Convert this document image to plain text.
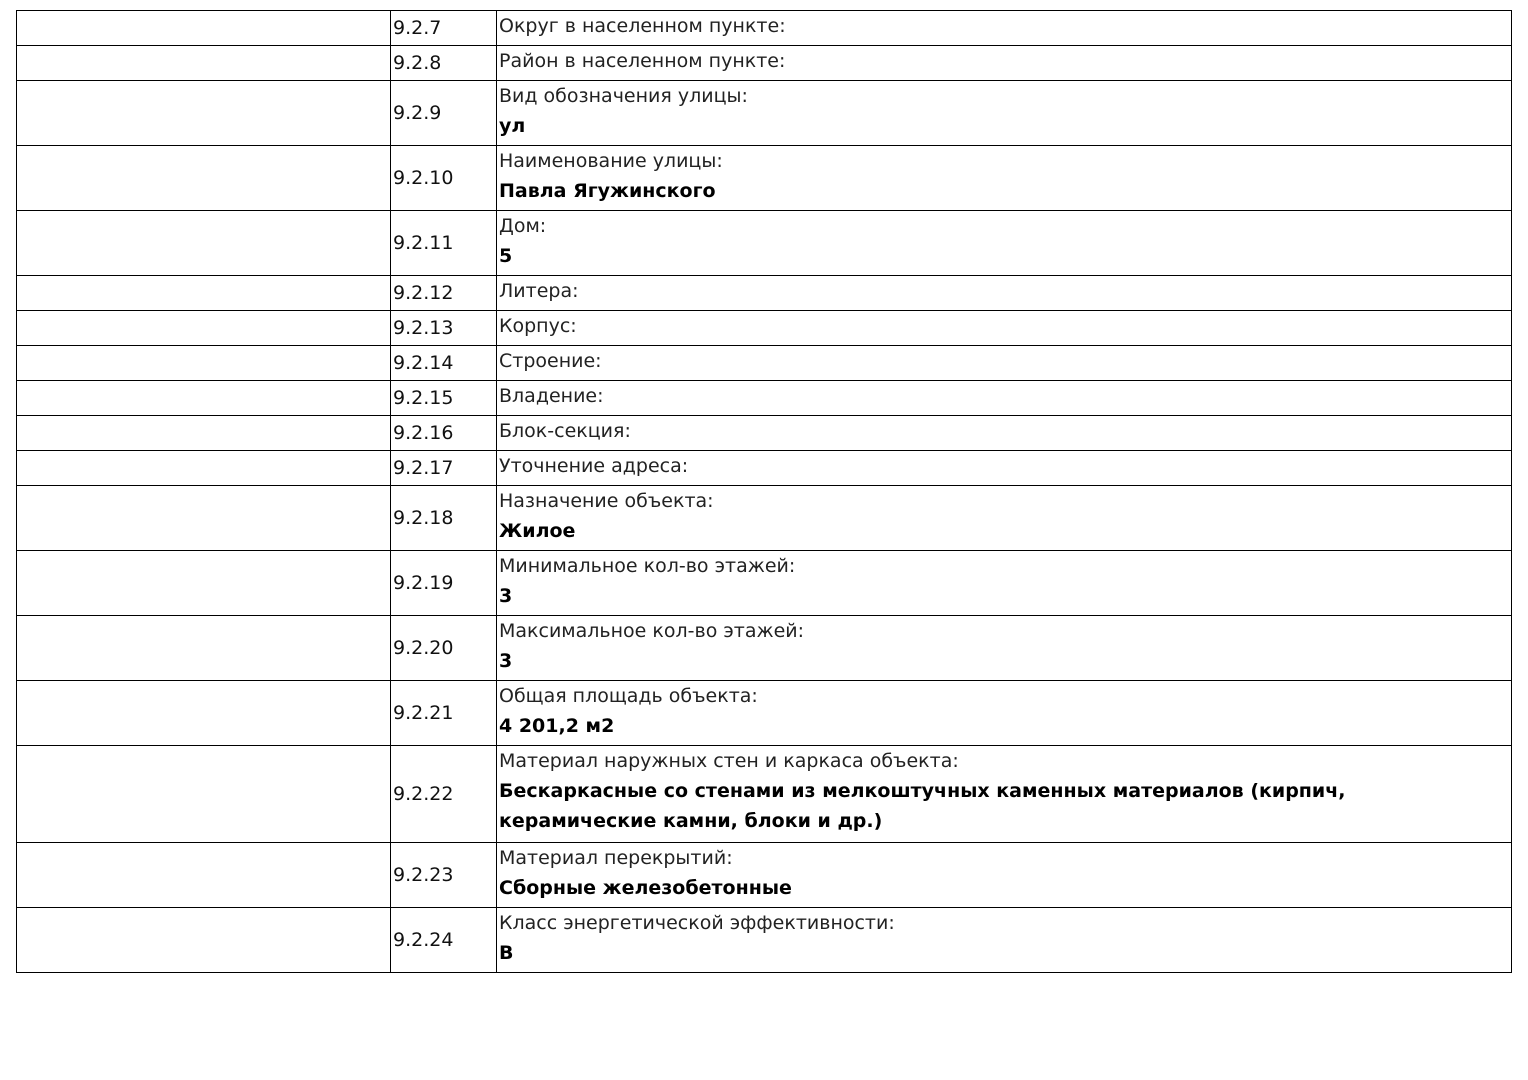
	9.2.7	Округ в населенном пункте:

	9.2.8	Район в населенном пункте:

	9.2.9	Вид обозначения улицы:
ул

	9.2.10	Наименование улицы:
Павла Ягужинского

	9.2.11	Дом:
5

	9.2.12	Литера:

	9.2.13	Корпус:

	9.2.14	Строение:

	9.2.15	Владение:

	9.2.16	Блок-секция:

	9.2.17	Уточнение адреса:

	9.2.18	Назначение объекта:
Жилое

	9.2.19	Минимальное кол-во этажей:
3

	9.2.20	Максимальное кол-во этажей:
3

	9.2.21	Общая площадь объекта:
4 201,2 м2

	9.2.22	Материал наружных стен и каркаса объекта:
Бескаркасные со стенами из мелкоштучных каменных материалов (кирпич, керамические камни, блоки и др.)

	9.2.23	Материал перекрытий:
Сборные железобетонные

	9.2.24	Класс энергетической эффективности:
В
